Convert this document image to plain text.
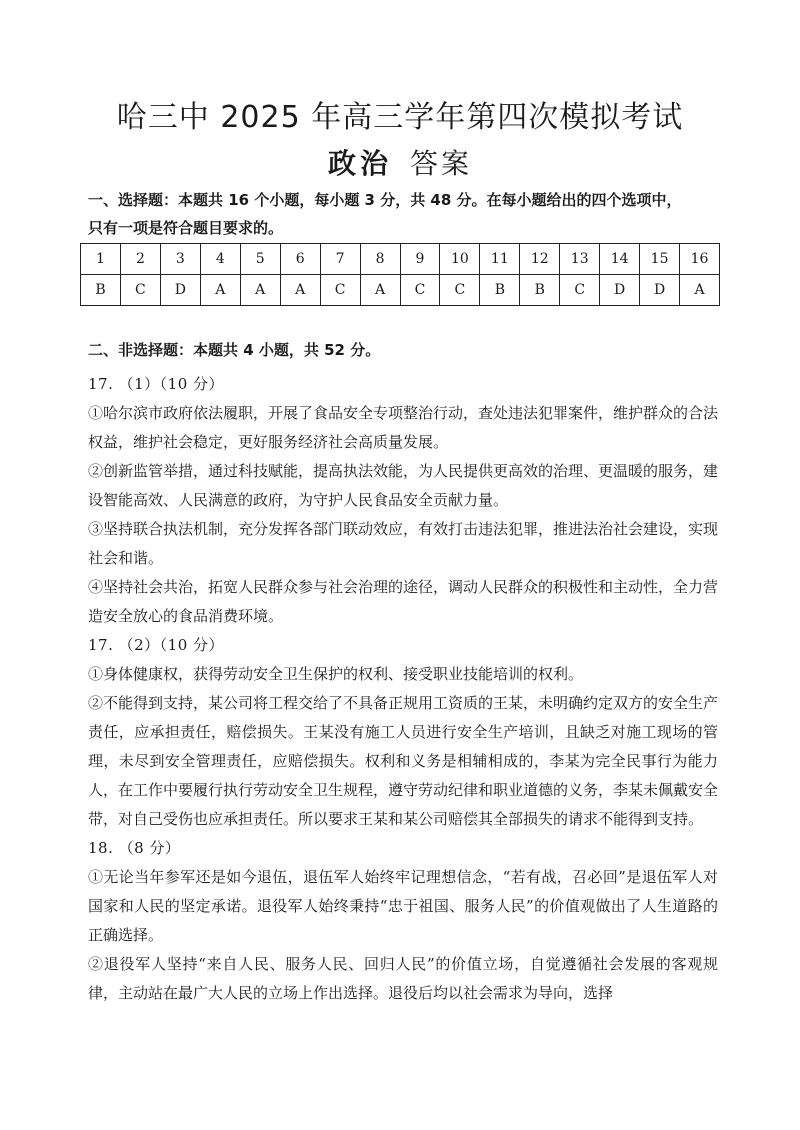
哈三中 2025 年高三学年第四次模拟考试
政治 答案
一、选择题：本题共 16 个小题，每小题 3 分，共 48 分。在每小题给出的四个选项中，
只有一项是符合题目要求的。
1	2	3	4	5	6	7	8	9	10	11	12	13	14	15	16
B	C	D	A	A	A	C	A	C	C	B	B	C	D	D	A
二、非选择题：本题共 4 小题，共 52 分。

17. （1）（10 分）

①哈尔滨市政府依法履职，开展了食品安全专项整治行动，查处违法犯罪案件，维护群众的合法权益，维护社会稳定，更好服务经济社会高质量发展。

②创新监管举措，通过科技赋能，提高执法效能，为人民提供更高效的治理、更温暖的服务，建设智能高效、人民满意的政府，为守护人民食品安全贡献力量。

③坚持联合执法机制，充分发挥各部门联动效应，有效打击违法犯罪，推进法治社会建设，实现社会和谐。

④坚持社会共治，拓宽人民群众参与社会治理的途径，调动人民群众的积极性和主动性，全力营造安全放心的食品消费环境。

17. （2）（10 分）

①身体健康权，获得劳动安全卫生保护的权利、接受职业技能培训的权利。

②不能得到支持，某公司将工程交给了不具备正规用工资质的王某，未明确约定双方的安全生产责任，应承担责任，赔偿损失。王某没有施工人员进行安全生产培训，且缺乏对施工现场的管理，未尽到安全管理责任，应赔偿损失。权利和义务是相辅相成的，李某为完全民事行为能力人，在工作中要履行执行劳动安全卫生规程，遵守劳动纪律和职业道德的义务，李某未佩戴安全带，对自己受伤也应承担责任。所以要求王某和某公司赔偿其全部损失的请求不能得到支持。

18. （8 分）

①无论当年参军还是如今退伍，退伍军人始终牢记理想信念，“若有战，召必回”是退伍军人对国家和人民的坚定承诺。退役军人始终秉持“忠于祖国、服务人民”的价值观做出了人生道路的正确选择。

②退役军人坚持“来自人民、服务人民、回归人民”的价值立场，自觉遵循社会发展的客观规律，主动站在最广大人民的立场上作出选择。退役后均以社会需求为导向，选择
